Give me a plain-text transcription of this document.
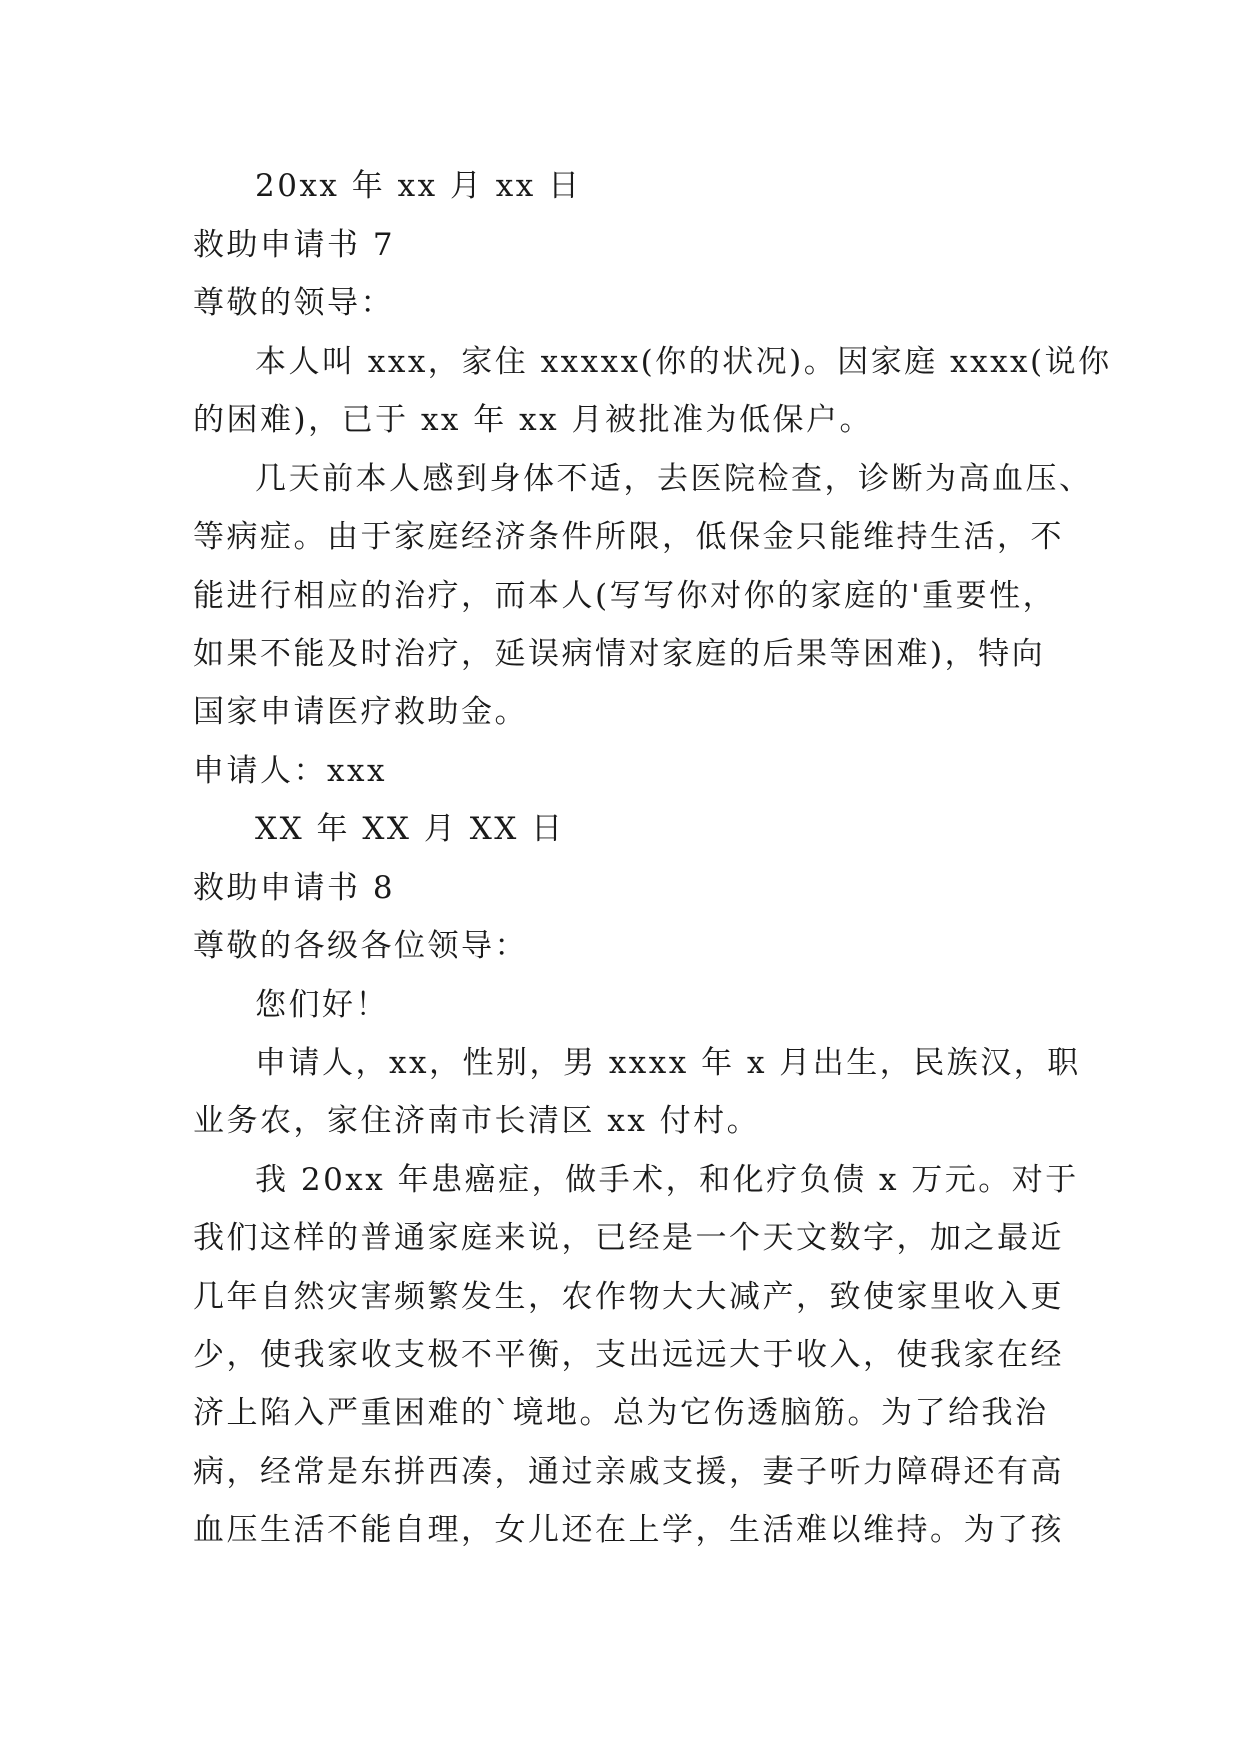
20xx 年 xx 月 xx 日
救助申请书 7
尊敬的领导：
本人叫 xxx，家住 xxxxx(你的状况)。因家庭 xxxx(说你
的困难)，已于 xx 年 xx 月被批准为低保户。
几天前本人感到身体不适，去医院检查，诊断为高血压、
等病症。由于家庭经济条件所限，低保金只能维持生活，不
能进行相应的治疗，而本人(写写你对你的家庭的'重要性，
如果不能及时治疗，延误病情对家庭的后果等困难)，特向
国家申请医疗救助金。
申请人：xxx
XX 年 XX 月 XX 日
救助申请书 8
尊敬的各级各位领导：
您们好！
申请人，xx，性别，男 xxxx 年 x 月出生，民族汉，职
业务农，家住济南市长清区 xx 付村。
我 20xx 年患癌症，做手术，和化疗负债 x 万元。对于
我们这样的普通家庭来说，已经是一个天文数字，加之最近
几年自然灾害频繁发生，农作物大大减产，致使家里收入更
少，使我家收支极不平衡，支出远远大于收入，使我家在经
济上陷入严重困难的`境地。总为它伤透脑筋。为了给我治
病，经常是东拼西凑，通过亲戚支援，妻子听力障碍还有高
血压生活不能自理，女儿还在上学，生活难以维持。为了孩
